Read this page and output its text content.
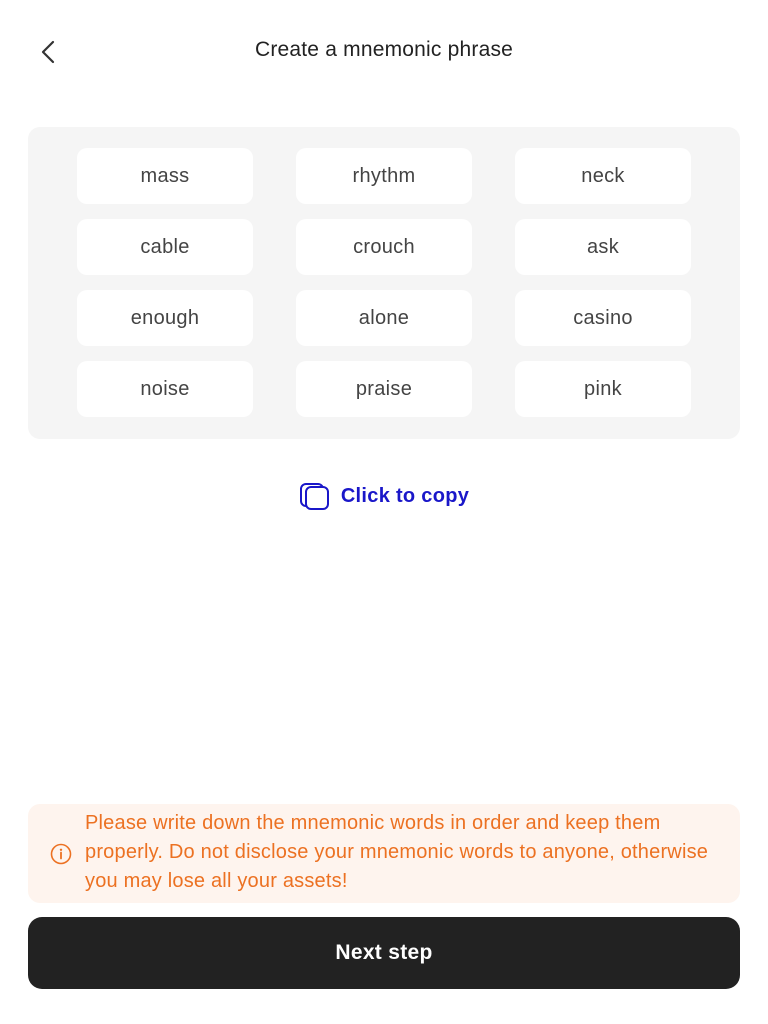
Create a mnemonic phrase
mass	rhythm	neck
cable	crouch	ask
enough	alone	casino
noise	praise	pink
Click to copy
Please write down the mnemonic words in order and keep them properly. Do not disclose your mnemonic words to anyone, otherwise you may lose all your assets!
Next step
